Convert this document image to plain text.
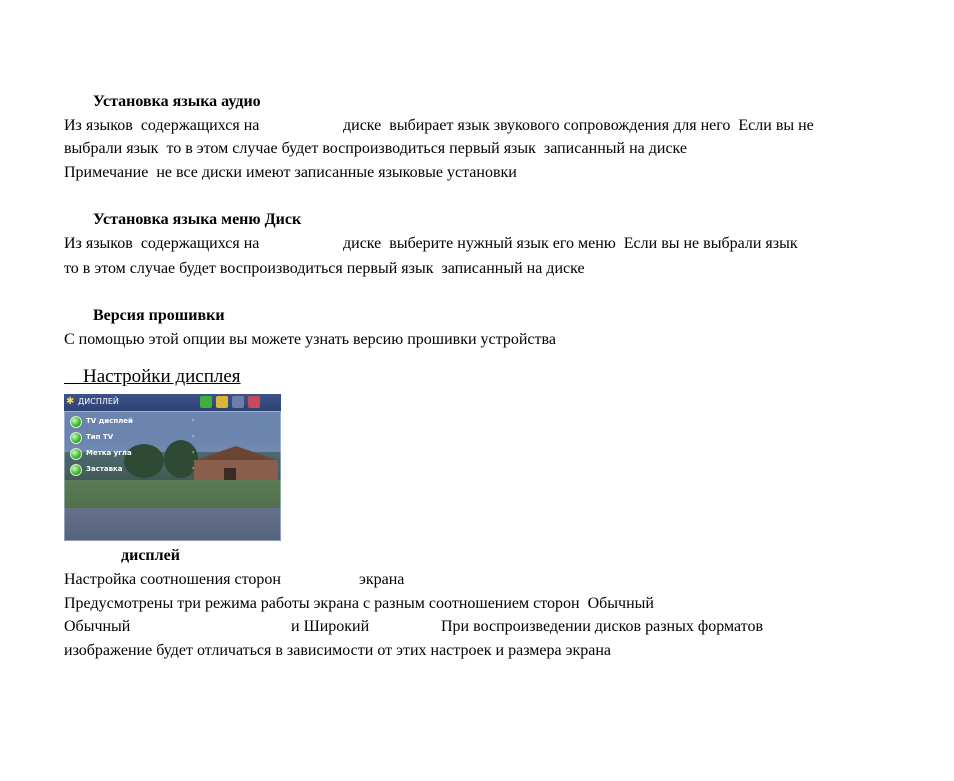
Установка языка аудио
Из языков  содержащихся на	диске  выбирает язык звукового сопровождения для него  Если вы не
выбрали язык  то в этом случае будет воспроизводиться первый язык  записанный на диске
Примечание  не все диски имеют записанные языковые установки
Установка языка меню Диск
Из языков  содержащихся на	диске  выберите нужный язык его меню  Если вы не выбрали язык
то в этом случае будет воспроизводиться первый язык  записанный на диске
Версия прошивки
С помощью этой опции вы можете узнать версию прошивки устройства
Настройки дисплея
✱ ДИСПЛЕЙ
TV дисплей	›
Тип TV	›
Метка угла	›
Заставка	›
дисплей
Настройка соотношения сторон	экрана
Предусмотрены три режима работы экрана с разным соотношением сторон  Обычный
Обычный	и Широкий	При воспроизведении дисков разных форматов
изображение будет отличаться в зависимости от этих настроек и размера экрана
